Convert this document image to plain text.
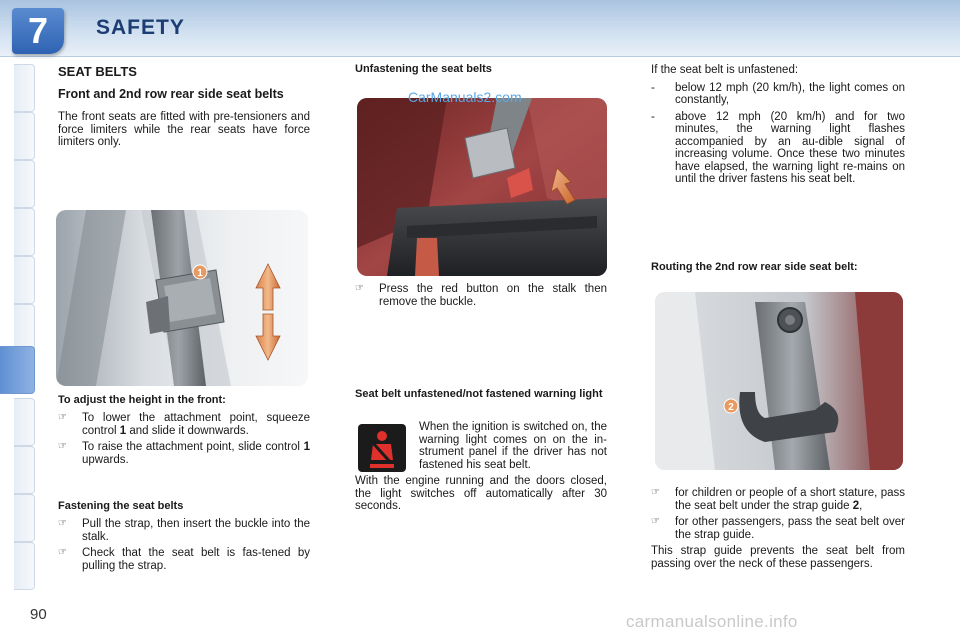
7	SAFETY
90

SEAT BELTS

Front and 2nd row rear side seat belts

The front seats are fitted with pre-tensioners and force limiters while the rear seats have force limiters only.

1

To adjust the height in the front:

☞ To lower the attachment point, squeeze control 1 and slide it downwards.
☞ To raise the attachment point, slide control 1 upwards.

Fastening the seat belts

☞ Pull the strap, then insert the buckle into the stalk.
☞ Check that the seat belt is fas-tened by pulling the strap.

Unfastening the seat belts

CarManuals2.com
☞ Press the red button on the stalk then remove the buckle.

Seat belt unfastened/not fastened warning light

When the ignition is switched on, the warning light comes on on the in-strument panel if the driver has not fastened his seat belt.

With the engine running and the doors closed, the light switches off automatically after 30 seconds.

If the seat belt is unfastened:

- below 12 mph (20 km/h), the light comes on constantly,
- above 12 mph (20 km/h) and for two minutes, the warning light flashes accompanied by an au-dible signal of increasing volume. Once these two minutes have elapsed, the warning light re-mains on until the driver fastens his seat belt.

Routing the 2nd row rear side seat belt:

2
☞ for children or people of a short stature, pass the seat belt under the strap guide 2,
☞ for other passengers, pass the seat belt over the strap guide.

This strap guide prevents the seat belt from passing over the neck of these passengers.

carmanualsonline.info
